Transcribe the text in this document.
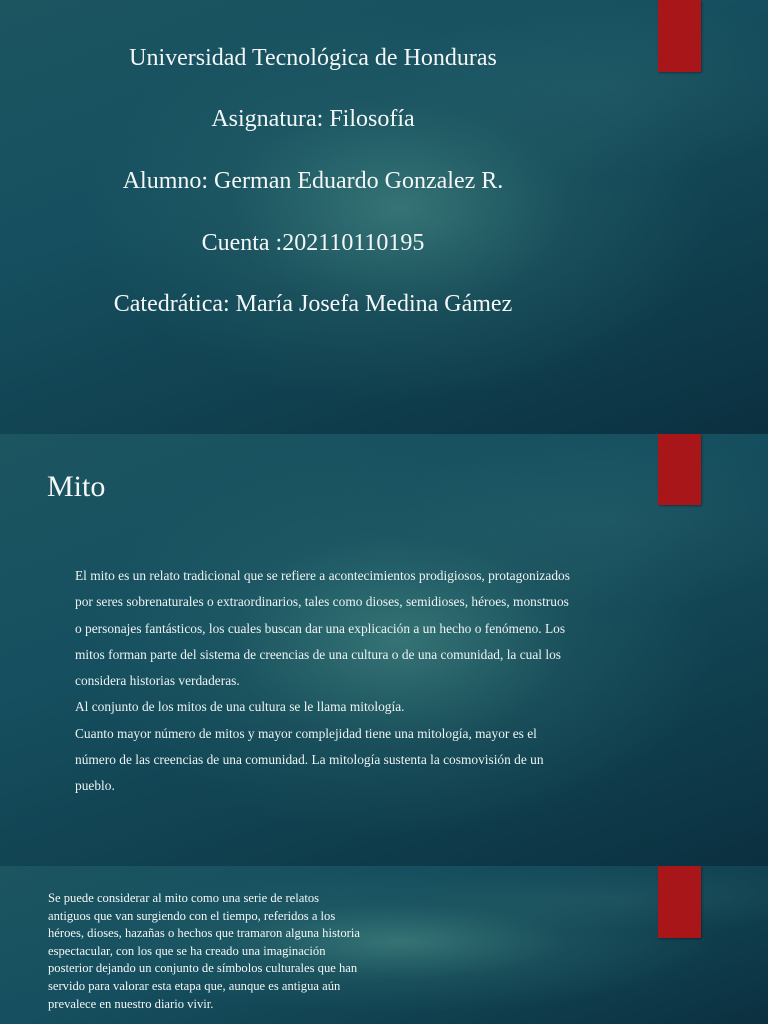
Universidad Tecnológica de Honduras
Asignatura: Filosofía
Alumno: German Eduardo Gonzalez R.
Cuenta :202110110195
Catedrática: María Josefa Medina Gámez
Mito

El mito es un relato tradicional que se refiere a acontecimientos prodigiosos, protagonizados por seres sobrenaturales o extraordinarios, tales como dioses, semidioses, héroes, monstruos o personajes fantásticos, los cuales buscan dar una explicación a un hecho o fenómeno. Los mitos forman parte del sistema de creencias de una cultura o de una comunidad, la cual los considera historias verdaderas.

Al conjunto de los mitos de una cultura se le llama mitología.

Cuanto mayor número de mitos y mayor complejidad tiene una mitología, mayor es el número de las creencias de una comunidad. La mitología sustenta la cosmovisión de un pueblo.

Se puede considerar al mito como una serie de relatos antiguos que van surgiendo con el tiempo, referidos a los héroes, dioses, hazañas o hechos que tramaron alguna historia espectacular, con los que se ha creado una imaginación posterior dejando un conjunto de símbolos culturales que han servido para valorar esta etapa que, aunque es antigua aún prevalece en nuestro diario vivir.
